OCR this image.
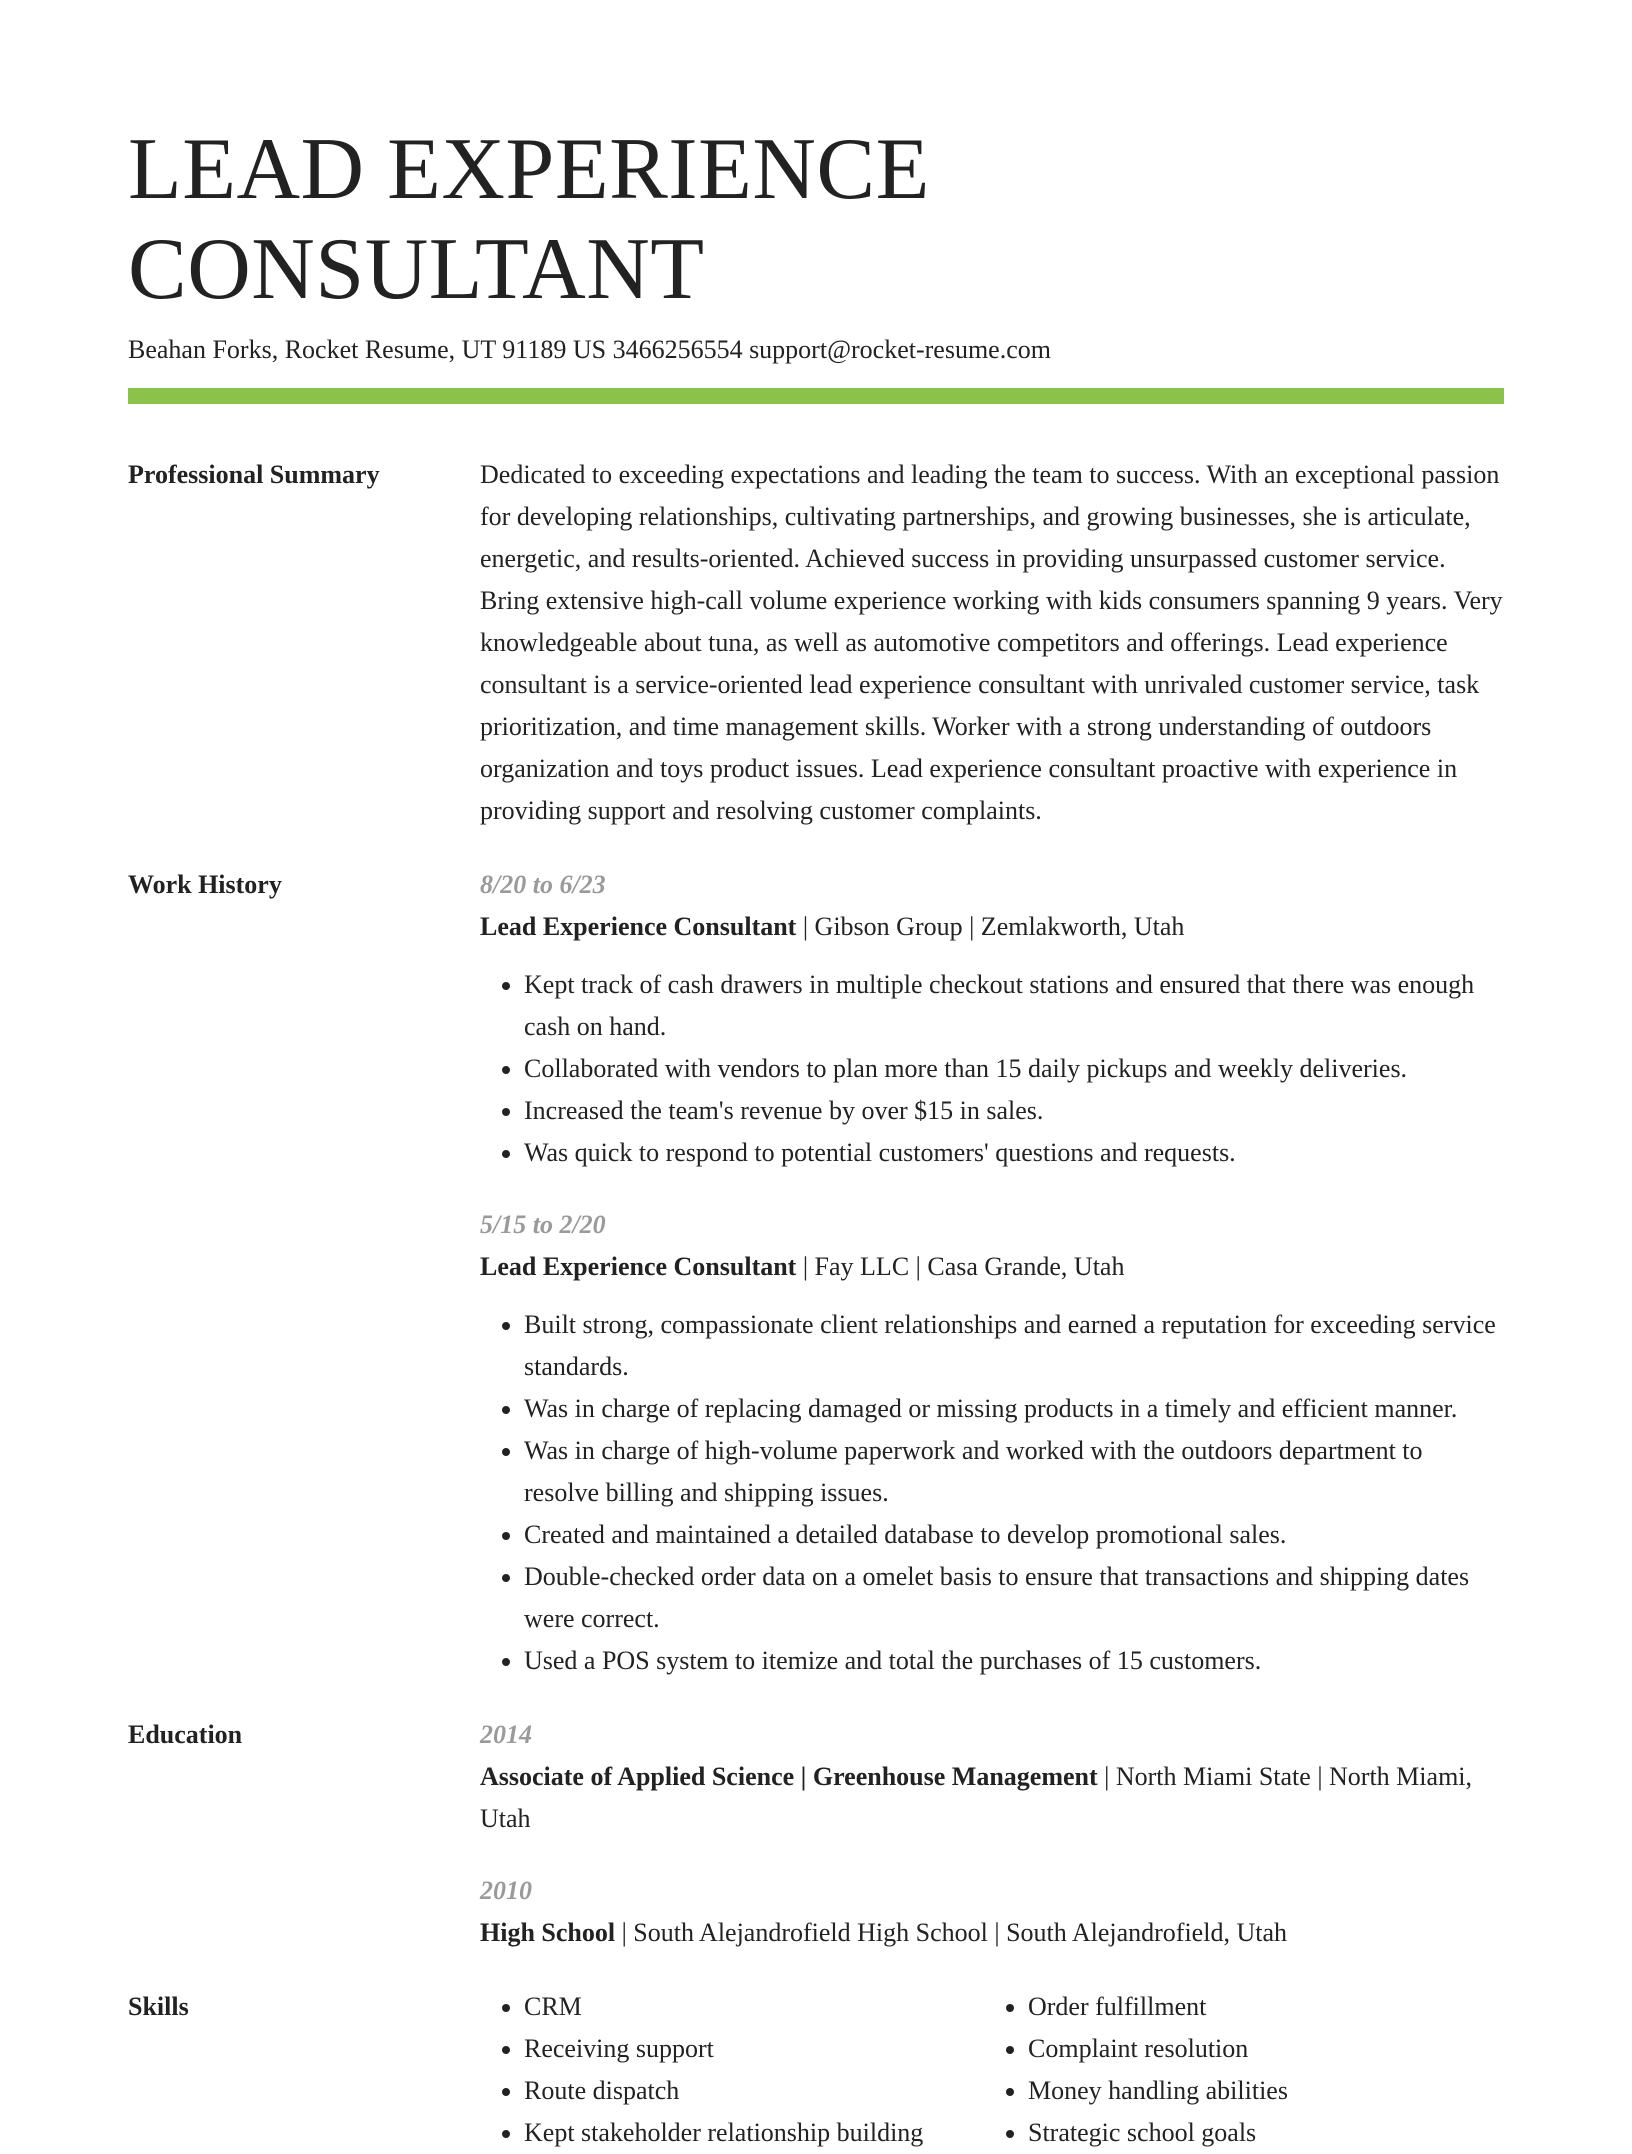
LEAD EXPERIENCE CONSULTANT
Beahan Forks, Rocket Resume, UT 91189 US 3466256554 support@rocket-resume.com
Professional Summary	Dedicated to exceeding expectations and leading the team to success. With an exceptional passion for developing relationships, cultivating partnerships, and growing businesses, she is articulate, energetic, and results-oriented. Achieved success in providing unsurpassed customer service. Bring extensive high-call volume experience working with kids consumers spanning 9 years. Very knowledgeable about tuna, as well as automotive competitors and offerings. Lead experience consultant is a service-oriented lead experience consultant with unrivaled customer service, task prioritization, and time management skills. Worker with a strong understanding of outdoors organization and toys product issues. Lead experience consultant proactive with experience in providing support and resolving customer complaints.
Work History	8/20 to 6/23
Lead Experience Consultant | Gibson Group | Zemlakworth, Utah
• Kept track of cash drawers in multiple checkout stations and ensured that there was enough cash on hand.
• Collaborated with vendors to plan more than 15 daily pickups and weekly deliveries.
• Increased the team's revenue by over $15 in sales.
• Was quick to respond to potential customers' questions and requests.
5/15 to 2/20
Lead Experience Consultant | Fay LLC | Casa Grande, Utah
• Built strong, compassionate client relationships and earned a reputation for exceeding service standards.
• Was in charge of replacing damaged or missing products in a timely and efficient manner.
• Was in charge of high-volume paperwork and worked with the outdoors department to resolve billing and shipping issues.
• Created and maintained a detailed database to develop promotional sales.
• Double-checked order data on a omelet basis to ensure that transactions and shipping dates were correct.
• Used a POS system to itemize and total the purchases of 15 customers.
Education	2014
Associate of Applied Science | Greenhouse Management | North Miami State | North Miami, Utah
2010
High School | South Alejandrofield High School | South Alejandrofield, Utah
Skills
•	CRM
• Receiving support
• Route dispatch
• Kept stakeholder relationship building
• Order fulfillment
• Complaint resolution
• Money handling abilities
• Strategic school goals
